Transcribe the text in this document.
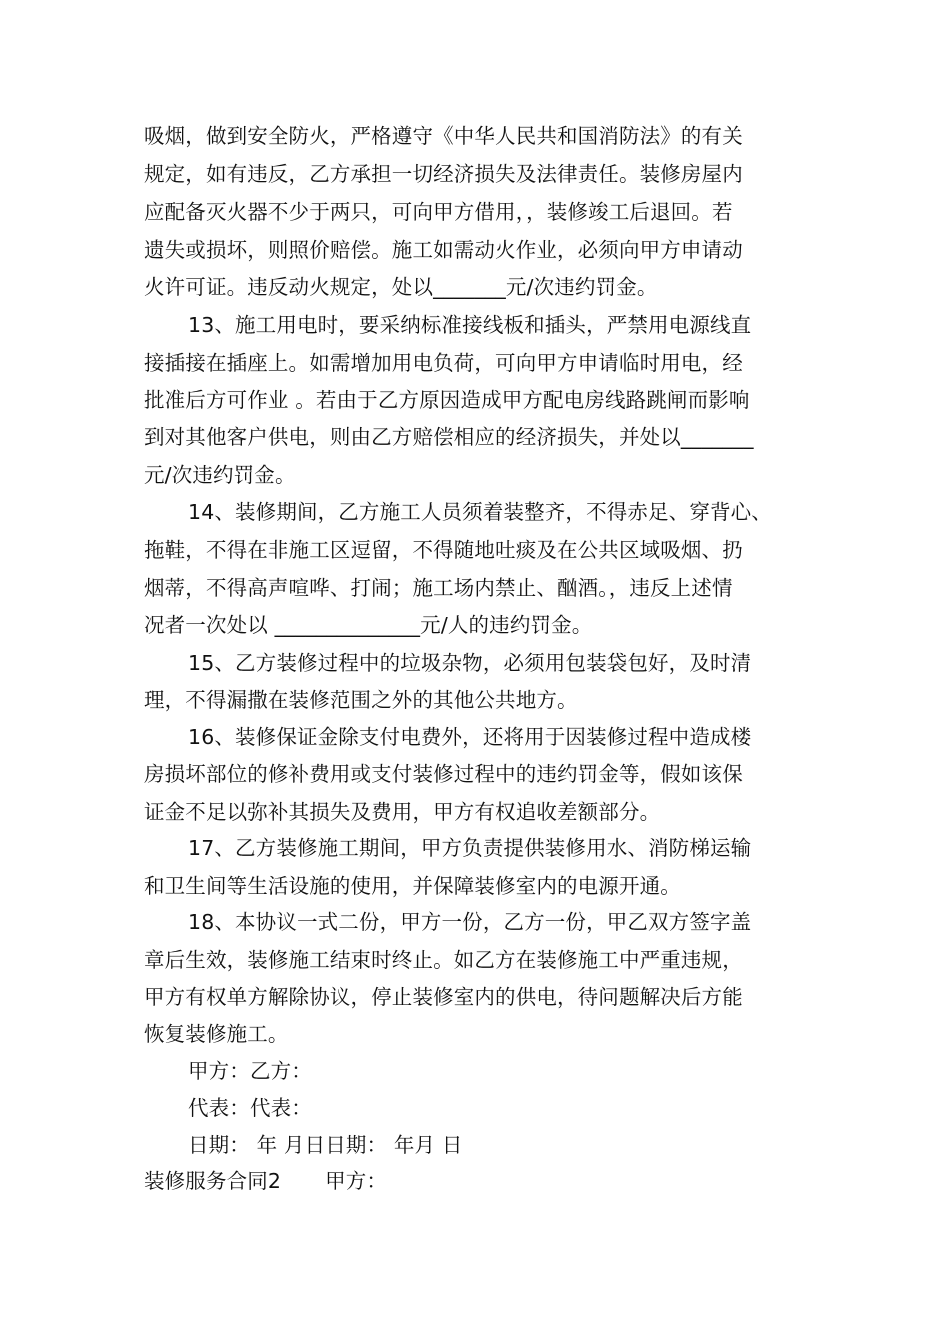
吸烟，做到安全防火，严格遵守《中华人民共和国消防法》的有关
规定，如有违反，乙方承担一切经济损失及法律责任。装修房屋内
应配备灭火器不少于两只，可向甲方借用，，装修竣工后退回。若
遗失或损坏，则照价赔偿。施工如需动火作业，必须向甲方申请动
火许可证。违反动火规定，处以_______元/次违约罚金。
13、施工用电时，要采纳标准接线板和插头，严禁用电源线直
接插接在插座上。如需增加用电负荷，可向甲方申请临时用电，经
批准后方可作业 。若由于乙方原因造成甲方配电房线路跳闸而影响
到对其他客户供电，则由乙方赔偿相应的经济损失，并处以_______
元/次违约罚金。
14、装修期间，乙方施工人员须着装整齐，不得赤足、穿背心、
拖鞋，不得在非施工区逗留，不得随地吐痰及在公共区域吸烟、扔
烟蒂，不得高声喧哗、打闹；施工场内禁止、酗酒。，违反上述情
况者一次处以 ______________元/人的违约罚金。
15、乙方装修过程中的垃圾杂物，必须用包装袋包好，及时清
理，不得漏撒在装修范围之外的其他公共地方。
16、装修保证金除支付电费外，还将用于因装修过程中造成楼
房损坏部位的修补费用或支付装修过程中的违约罚金等，假如该保
证金不足以弥补其损失及费用，甲方有权追收差额部分。
17、乙方装修施工期间，甲方负责提供装修用水、消防梯运输
和卫生间等生活设施的使用，并保障装修室内的电源开通。
18、本协议一式二份，甲方一份，乙方一份，甲乙双方签字盖
章后生效，装修施工结束时终止。如乙方在装修施工中严重违规，
甲方有权单方解除协议，停止装修室内的供电，待问题解决后方能
恢复装修施工。
甲方：乙方：
代表：代表：
日期： 年 月日日期： 年月 日
装修服务合同2 甲方：
